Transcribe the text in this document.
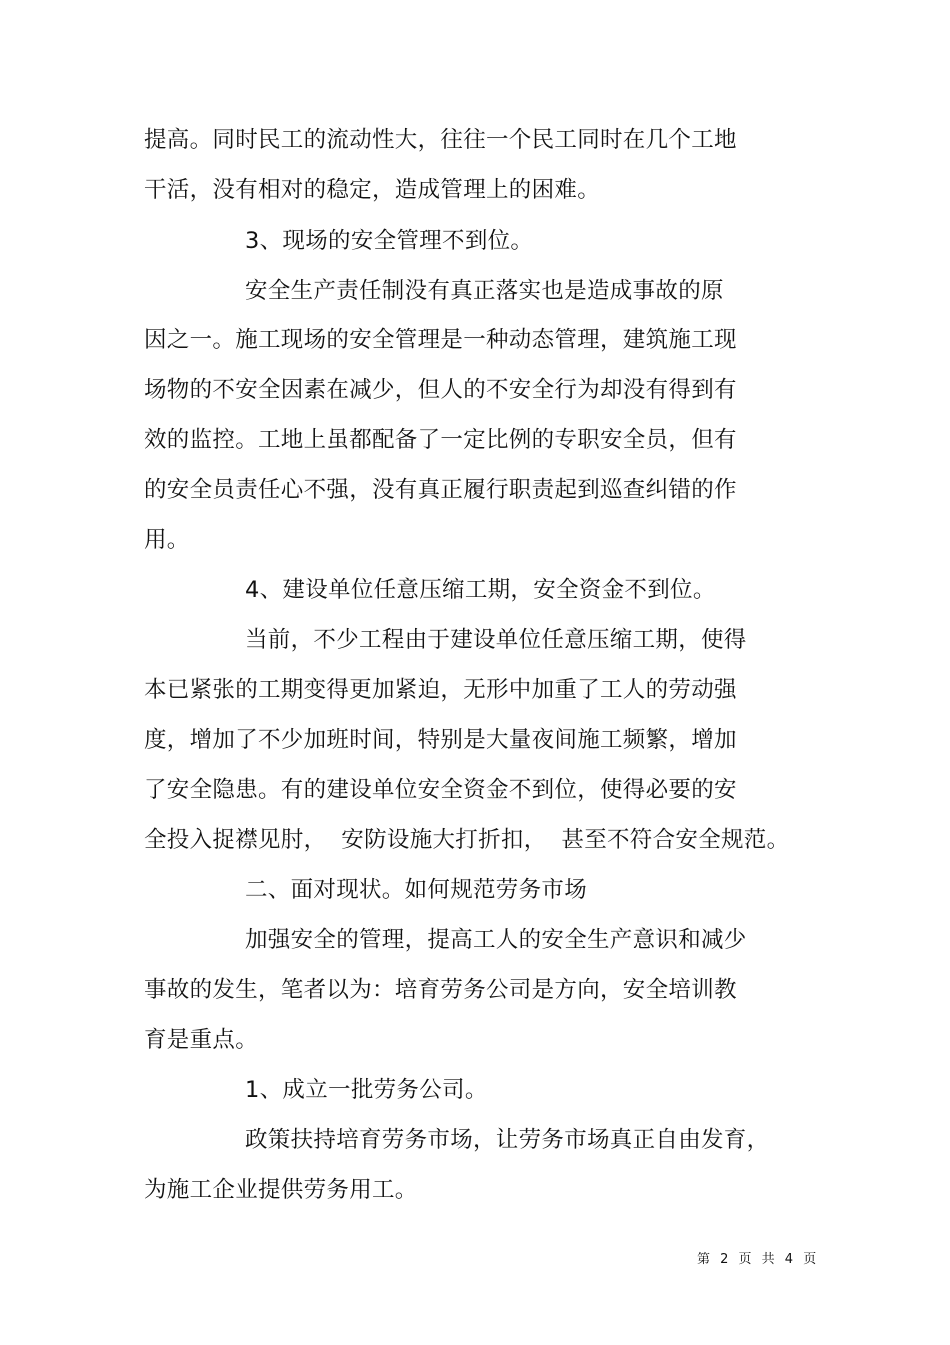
提高。同时民工的流动性大，往往一个民工同时在几个工地
干活，没有相对的稳定，造成管理上的困难。
3、现场的安全管理不到位。
安全生产责任制没有真正落实也是造成事故的原
因之一。施工现场的安全管理是一种动态管理，建筑施工现
场物的不安全因素在减少，但人的不安全行为却没有得到有
效的监控。工地上虽都配备了一定比例的专职安全员，但有
的安全员责任心不强，没有真正履行职责起到巡查纠错的作
用。
4、建设单位任意压缩工期，安全资金不到位。
当前，不少工程由于建设单位任意压缩工期，使得
本已紧张的工期变得更加紧迫，无形中加重了工人的劳动强
度，增加了不少加班时间，特别是大量夜间施工频繁，增加
了安全隐患。有的建设单位安全资金不到位，使得必要的安
全投入捉襟见肘，  安防设施大打折扣，  甚至不符合安全规范。
二、面对现状。如何规范劳务市场
加强安全的管理，提高工人的安全生产意识和减少
事故的发生，笔者以为：培育劳务公司是方向，安全培训教
育是重点。
1、成立一批劳务公司。
政策扶持培育劳务市场，让劳务市场真正自由发育，
为施工企业提供劳务用工。
第 2 页 共 4 页
